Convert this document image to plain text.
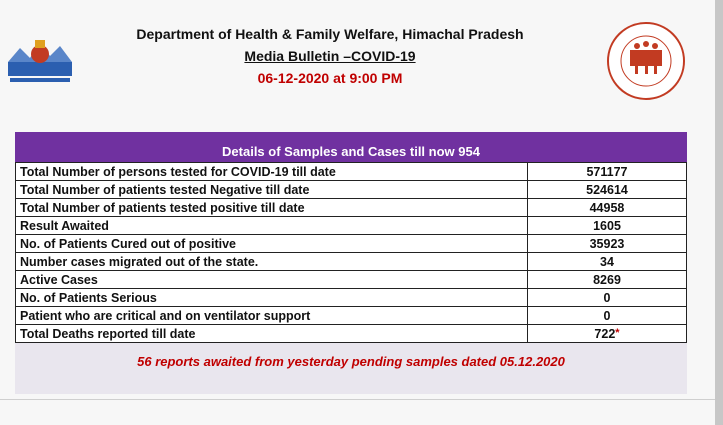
Department of Health & Family Welfare, Himachal Pradesh
Media Bulletin –COVID-19
06-12-2020 at 9:00 PM
Details of Samples and Cases till now 954
Total Number of persons tested for COVID-19 till date	571177
Total Number of patients tested Negative till date	524614
Total Number of patients tested positive till date	44958
Result Awaited	1605
No. of Patients Cured out of positive	35923
Number cases migrated out of the state.	34
Active Cases	8269
No. of Patients Serious	0
Patient who are critical and on ventilator support	0
Total Deaths reported till date	722*
56 reports awaited from yesterday pending samples dated 05.12.2020
